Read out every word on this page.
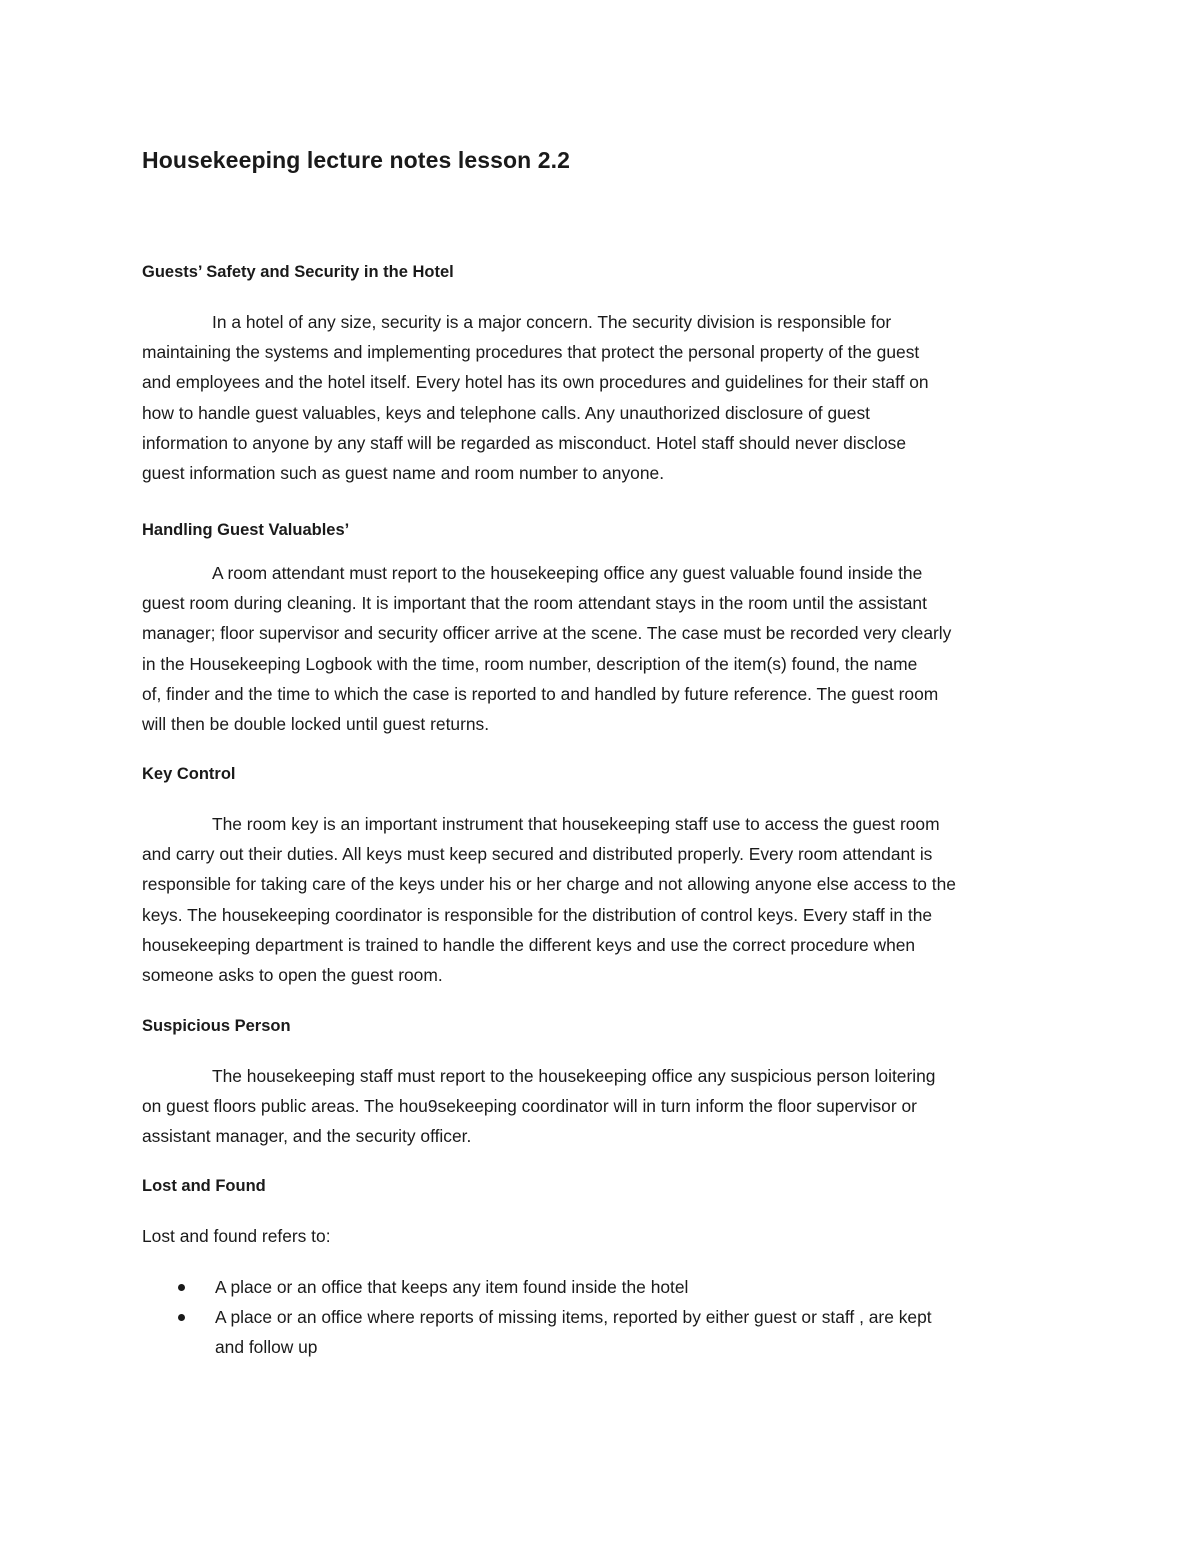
Housekeeping lecture notes lesson 2.2
Guests’ Safety and Security in the Hotel

In a hotel of any size, security is a major concern. The security division is responsible for
maintaining the systems and implementing procedures that protect the personal property of the guest
and employees and the hotel itself. Every hotel has its own procedures and guidelines for their staff on
how to handle guest valuables, keys and telephone calls. Any unauthorized disclosure of guest
information to anyone by any staff will be regarded as misconduct. Hotel staff should never disclose
guest information such as guest name and room number to anyone.

Handling Guest Valuables’

A room attendant must report to the housekeeping office any guest valuable found inside the
guest room during cleaning. It is important that the room attendant stays in the room until the assistant
manager; floor supervisor and security officer arrive at the scene. The case must be recorded very clearly
in the Housekeeping Logbook with the time, room number, description of the item(s) found, the name
of, finder and the time to which the case is reported to and handled by future reference. The guest room
will then be double locked until guest returns.

Key Control

The room key is an important instrument that housekeeping staff use to access the guest room
and carry out their duties. All keys must keep secured and distributed properly. Every room attendant is
responsible for taking care of the keys under his or her charge and not allowing anyone else access to the
keys. The housekeeping coordinator is responsible for the distribution of control keys. Every staff in the
housekeeping department is trained to handle the different keys and use the correct procedure when
someone asks to open the guest room.

Suspicious Person

The housekeeping staff must report to the housekeeping office any suspicious person loitering
on guest floors public areas. The hou9sekeeping coordinator will in turn inform the floor supervisor or
assistant manager, and the security officer.

Lost and Found

Lost and found refers to:

A place or an office that keeps any item found inside the hotel
A place or an office where reports of missing items, reported by either guest or staff , are kept
and follow up
